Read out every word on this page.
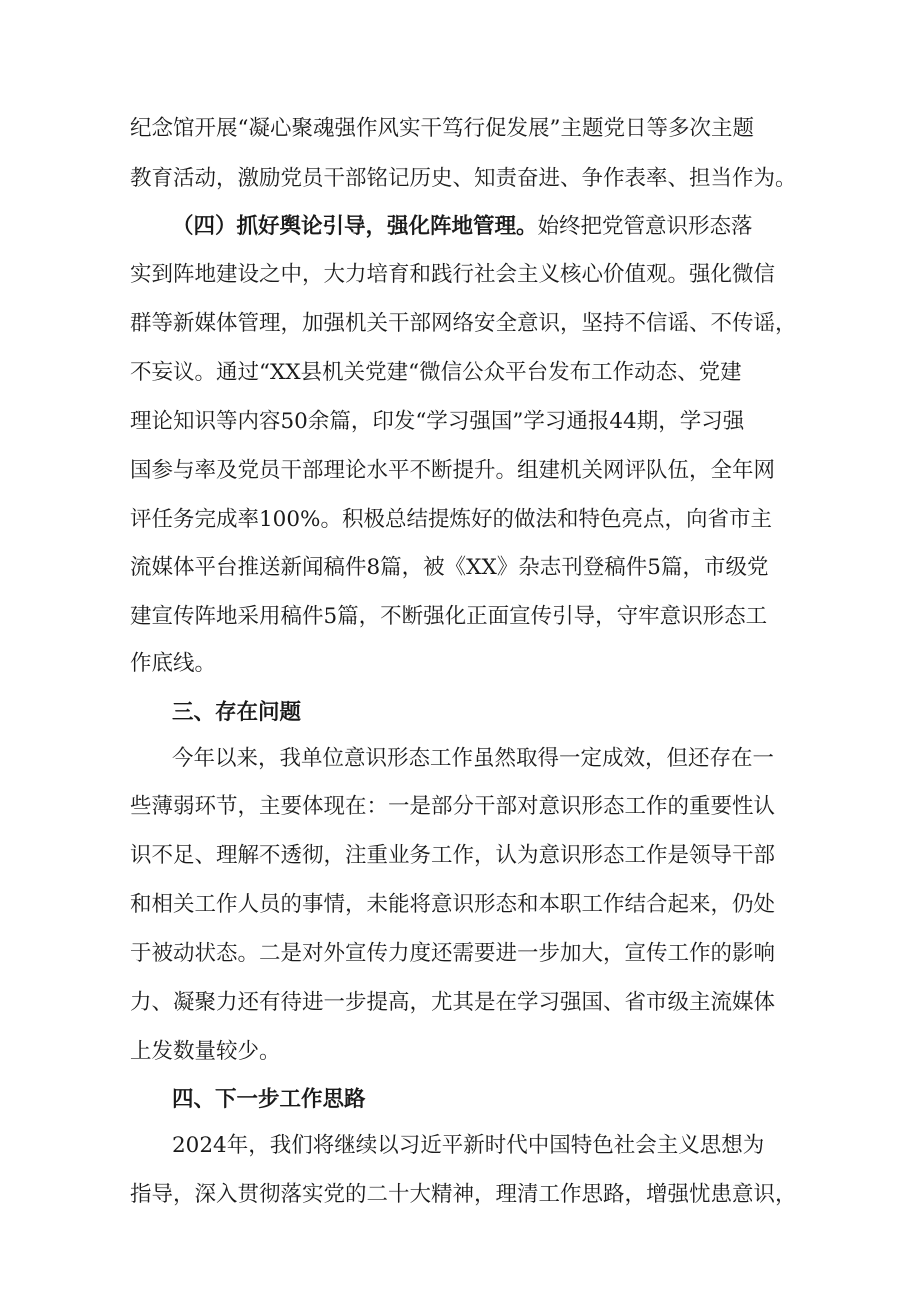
纪念馆开展“凝心聚魂强作风实干笃行促发展”主题党日等多次主题
教育活动，激励党员干部铭记历史、知责奋进、争作表率、担当作为。
（四）抓好舆论引导，强化阵地管理。始终把党管意识形态落
实到阵地建设之中，大力培育和践行社会主义核心价值观。强化微信
群等新媒体管理，加强机关干部网络安全意识，坚持不信谣、不传谣，
不妄议。通过“XX县机关党建“微信公众平台发布工作动态、党建
理论知识等内容50余篇，印发“学习强国”学习通报44期，学习强
国参与率及党员干部理论水平不断提升。组建机关网评队伍，全年网
评任务完成率100%。积极总结提炼好的做法和特色亮点，向省市主
流媒体平台推送新闻稿件8篇，被《XX》杂志刊登稿件5篇，市级党
建宣传阵地采用稿件5篇，不断强化正面宣传引导，守牢意识形态工
作底线。
三、存在问题
今年以来，我单位意识形态工作虽然取得一定成效，但还存在一
些薄弱环节，主要体现在：一是部分干部对意识形态工作的重要性认
识不足、理解不透彻，注重业务工作，认为意识形态工作是领导干部
和相关工作人员的事情，未能将意识形态和本职工作结合起来，仍处
于被动状态。二是对外宣传力度还需要进一步加大，宣传工作的影响
力、凝聚力还有待进一步提高，尤其是在学习强国、省市级主流媒体
上发数量较少。
四、下一步工作思路
2024年，我们将继续以习近平新时代中国特色社会主义思想为
指导，深入贯彻落实党的二十大精神，理清工作思路，增强忧患意识，
